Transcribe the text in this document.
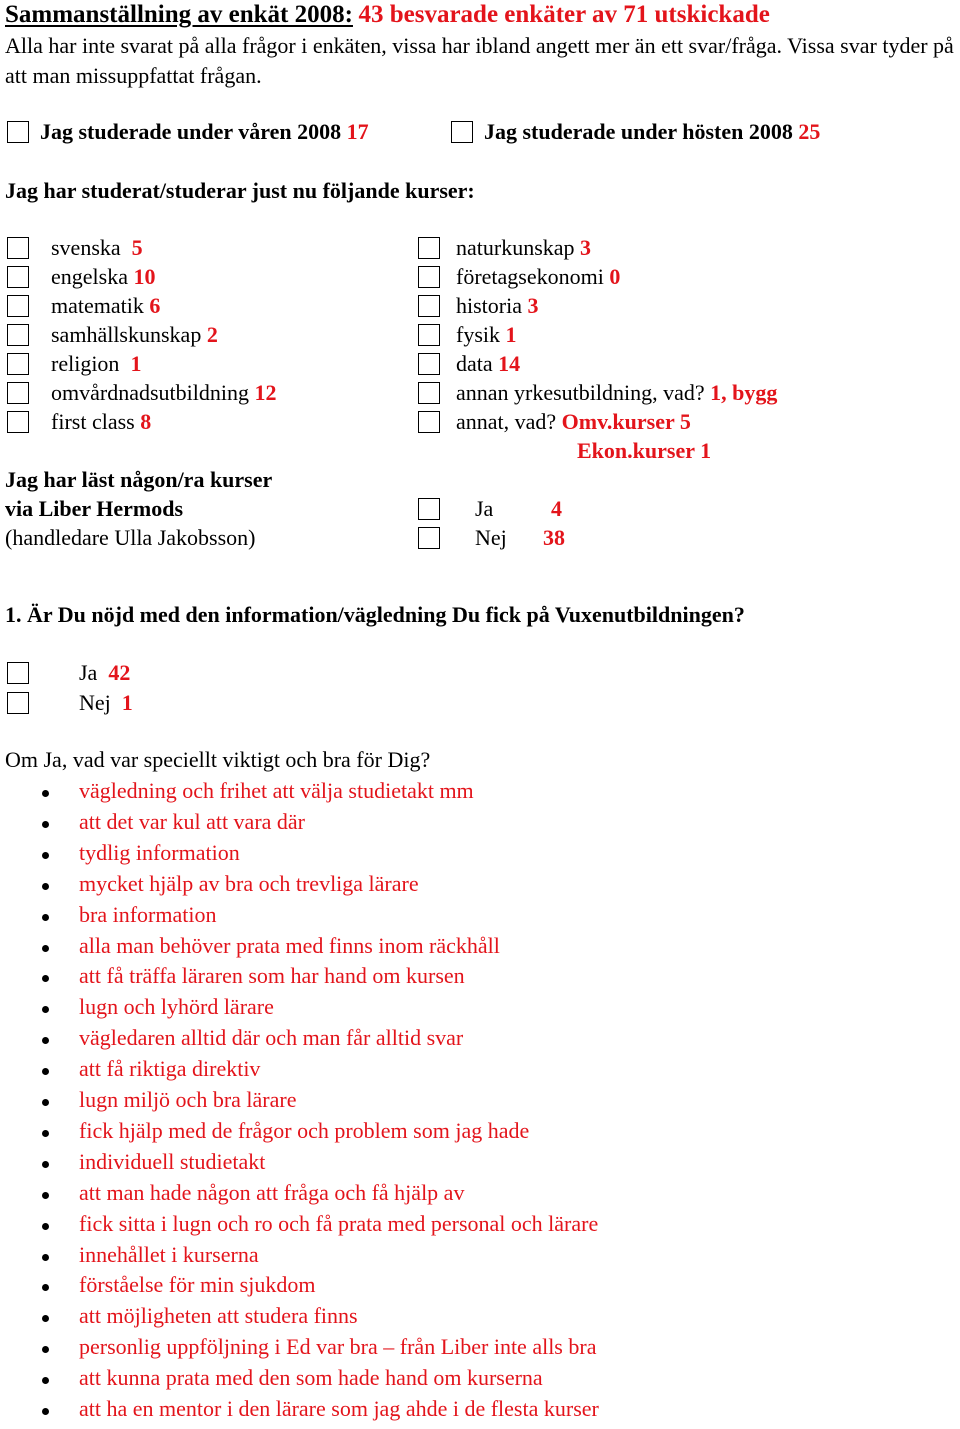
Sammanställning av enkät 2008: 43 besvarade enkäter av 71 utskickade
Alla har inte svarat på alla frågor i enkäten, vissa har ibland angett mer än ett svar/fråga. Vissa svar tyder på att man missuppfattat frågan.
Jag studerade under våren 2008 17	Jag studerade under hösten 2008 25
Jag har studerat/studerar just nu följande kurser:
svenska 5
engelska 10
matematik 6
samhällskunskap 2
religion 1
omvårdnadsutbildning 12
first class 8
naturkunskap 3
företagsekonomi 0
historia 3
fysik 1
data 14
annan yrkesutbildning, vad? 1, bygg
annat, vad? Omv.kurser 5
Ekon.kurser 1
Jag har läst någon/ra kurser
via Liber Hermods
(handledare Ulla Jakobsson)
Ja	4
Nej 38
1. Är Du nöjd med den information/vägledning Du fick på Vuxenutbildningen?
Ja 42
Nej 1
Om Ja, vad var speciellt viktigt och bra för Dig?
vägledning och frihet att välja studietakt mm
att det var kul att vara där
tydlig information
mycket hjälp av bra och trevliga lärare
bra information
alla man behöver prata med finns inom räckhåll
att få träffa läraren som har hand om kursen
lugn och lyhörd lärare
vägledaren alltid där och man får alltid svar
att få riktiga direktiv
lugn miljö och bra lärare
fick hjälp med de frågor och problem som jag hade
individuell studietakt
att man hade någon att fråga och få hjälp av
fick sitta i lugn och ro och få prata med personal och lärare
innehållet i kurserna
förståelse för min sjukdom
att möjligheten att studera finns
personlig uppföljning i Ed var bra – från Liber inte alls bra
att kunna prata med den som hade hand om kurserna
att ha en mentor i den lärare som jag ahde i de flesta kurser
